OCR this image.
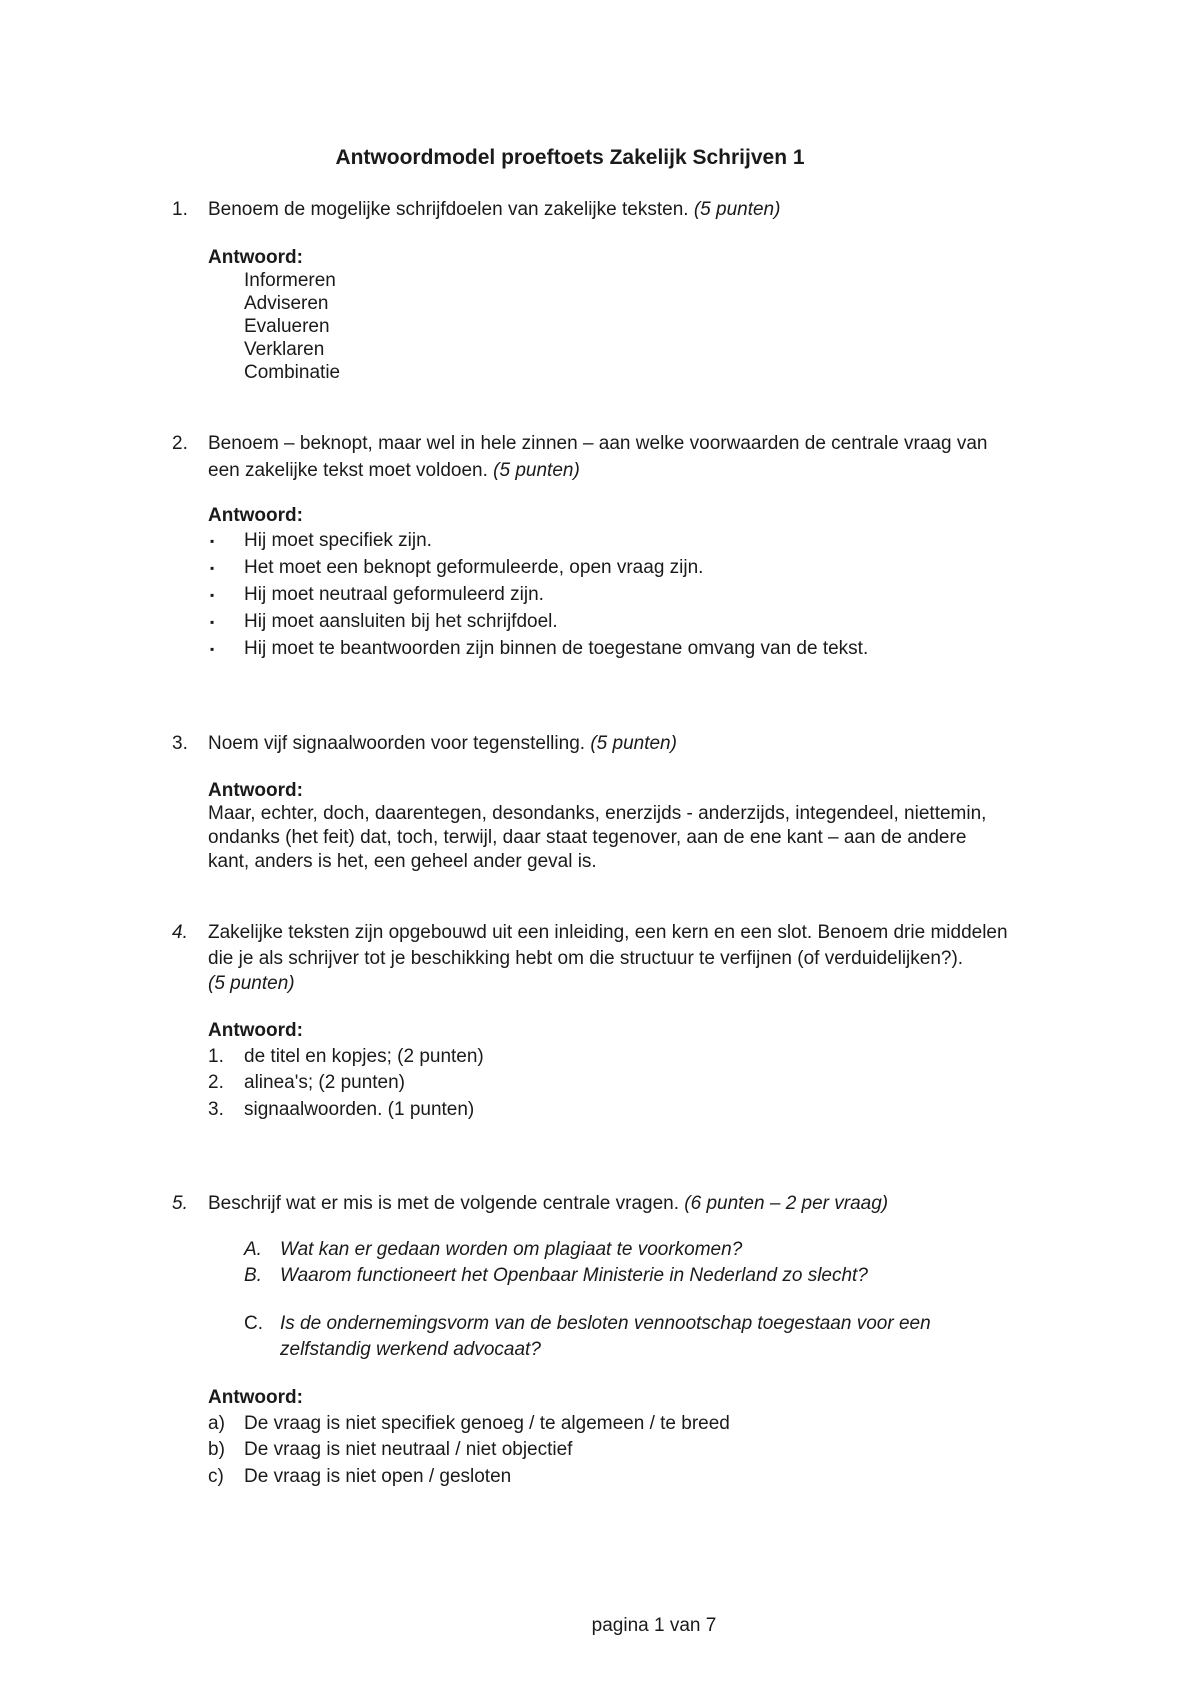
Antwoordmodel proeftoets Zakelijk Schrijven 1
1. Benoem de mogelijke schrijfdoelen van zakelijke teksten. (5 punten)
Antwoord:
Informeren
Adviseren
Evalueren
Verklaren
Combinatie
2. Benoem – beknopt, maar wel in hele zinnen – aan welke voorwaarden de centrale vraag van
een zakelijke tekst moet voldoen. (5 punten)
Antwoord:
▪ Hij moet specifiek zijn.
▪ Het moet een beknopt geformuleerde, open vraag zijn.
▪ Hij moet neutraal geformuleerd zijn.
▪ Hij moet aansluiten bij het schrijfdoel.
▪ Hij moet te beantwoorden zijn binnen de toegestane omvang van de tekst.
3. Noem vijf signaalwoorden voor tegenstelling. (5 punten)
Antwoord:
Maar, echter, doch, daarentegen, desondanks, enerzijds - anderzijds, integendeel, niettemin,
ondanks (het feit) dat, toch, terwijl, daar staat tegenover, aan de ene kant – aan de andere
kant, anders is het, een geheel ander geval is.
4. Zakelijke teksten zijn opgebouwd uit een inleiding, een kern en een slot. Benoem drie middelen
die je als schrijver tot je beschikking hebt om die structuur te verfijnen (of verduidelijken?).
(5 punten)
Antwoord:
1. de titel en kopjes; (2 punten)
2. alinea's; (2 punten)
3. signaalwoorden. (1 punten)
5. Beschrijf wat er mis is met de volgende centrale vragen. (6 punten – 2 per vraag)
A. Wat kan er gedaan worden om plagiaat te voorkomen?
B. Waarom functioneert het Openbaar Ministerie in Nederland zo slecht?
C. Is de ondernemingsvorm van de besloten vennootschap toegestaan voor een
zelfstandig werkend advocaat?
Antwoord:
a) De vraag is niet specifiek genoeg / te algemeen / te breed
b) De vraag is niet neutraal / niet objectief
c) De vraag is niet open / gesloten
pagina 1 van 7
